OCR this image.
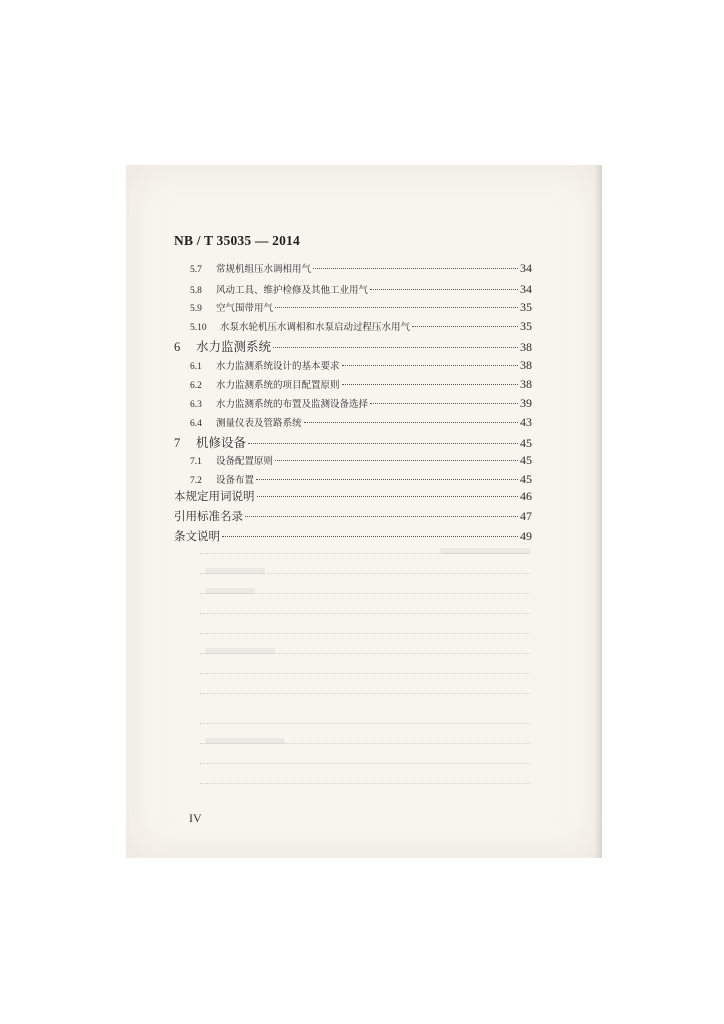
NB / T 35035 — 2014
5.7	常规机组压水调相用气	34
5.8	风动工具、维护检修及其他工业用气	34
5.9	空气围带用气	35
5.10	水泵水轮机压水调相和水泵启动过程压水用气	35
6	水力监测系统	38
6.1	水力监测系统设计的基本要求	38
6.2	水力监测系统的项目配置原则	38
6.3	水力监测系统的布置及监测设备选择	39
6.4	测量仪表及管路系统	43
7	机修设备	45
7.1	设备配置原则	45
7.2	设备布置	45
本规定用词说明	46
引用标准名录	47
条文说明	49
IV
